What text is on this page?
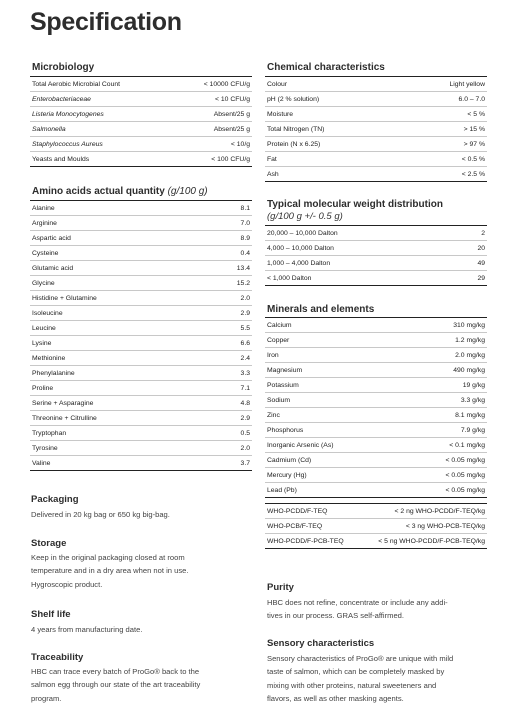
Specification
Microbiology
Total Aerobic Microbial Count	< 10000 CFU/g
Enterobacteriaceae	< 10 CFU/g
Listeria Monocytogenes	Absent/25 g
Salmonella	Absent/25 g
Staphylococcus Aureus	< 10/g
Yeasts and Moulds	< 100 CFU/g
Amino acids actual quantity (g/100 g)
Alanine	8.1
Arginine	7.0
Aspartic acid	8.9
Cysteine	0.4
Glutamic acid	13.4
Glycine	15.2
Histidine + Glutamine	2.0
Isoleucine	2.9
Leucine	5.5
Lysine	6.6
Methionine	2.4
Phenylalanine	3.3
Proline	7.1
Serine + Asparagine	4.8
Threonine + Citrulline	2.9
Tryptophan	0.5
Tyrosine	2.0
Valine	3.7
Chemical characteristics
Colour	Light yellow
pH (2 % solution)	6.0 – 7.0
Moisture	< 5 %
Total Nitrogen (TN)	> 15 %
Protein (N x 6.25)	> 97 %
Fat	< 0.5 %
Ash	< 2.5 %
Typical molecular weight distribution
(g/100 g +/- 0.5 g)
20,000 – 10,000 Dalton	2
4,000 – 10,000 Dalton	20
1,000 – 4,000 Dalton	49
< 1,000 Dalton	29
Minerals and elements
Calcium	310 mg/kg
Copper	1.2 mg/kg
Iron	2.0 mg/kg
Magnesium	490 mg/kg
Potassium	19 g/kg
Sodium	3.3 g/kg
Zinc	8.1 mg/kg
Phosphorus	7.9 g/kg
Inorganic Arsenic (As)	< 0.1 mg/kg
Cadmium (Cd)	< 0.05 mg/kg
Mercury (Hg)	< 0.05 mg/kg
Lead (Pb)	< 0.05 mg/kg
WHO-PCDD/F-TEQ	< 2 ng WHO-PCDD/F-TEQ/kg
WHO-PCB/F-TEQ	< 3 ng WHO-PCB-TEQ/kg
WHO-PCDD/F-PCB-TEQ	< 5 ng WHO-PCDD/F-PCB-TEQ/kg
Packaging
Delivered in 20 kg bag or 650 kg big-bag.
Storage
Keep in the original packaging closed at room
temperature and in a dry area when not in use.
Hygroscopic product.
Shelf life
4 years from manufacturing date.
Traceability
HBC can trace every batch of ProGo® back to the
salmon egg through our state of the art traceability
program.
Purity
HBC does not refine, concentrate or include any addi-
tives in our process. GRAS self-affirmed.
Sensory characteristics
Sensory characteristics of ProGo® are unique with mild
taste of salmon, which can be completely masked by
mixing with other proteins, natural sweeteners and
flavors, as well as other masking agents.
